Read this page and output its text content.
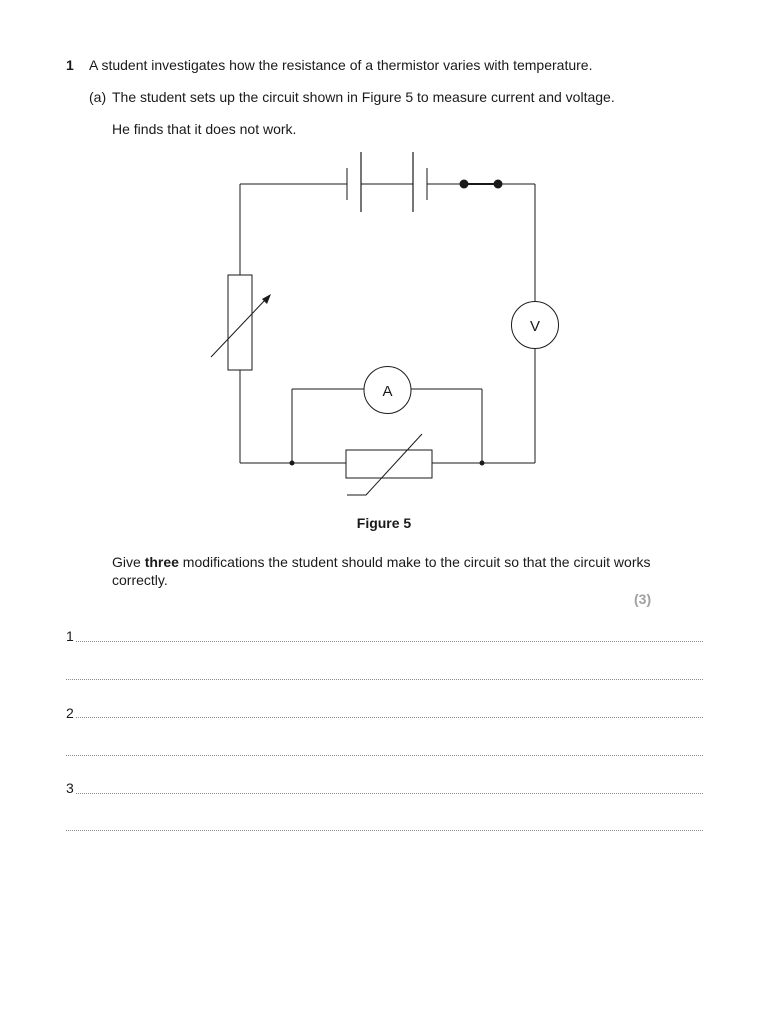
1 A student investigates how the resistance of a thermistor varies with temperature.
(a) The student sets up the circuit shown in Figure 5 to measure current and voltage.
He finds that it does not work.
A
V
Figure 5
Give three modifications the student should make to the circuit so that the circuit works correctly.
(3)
1
2
3
